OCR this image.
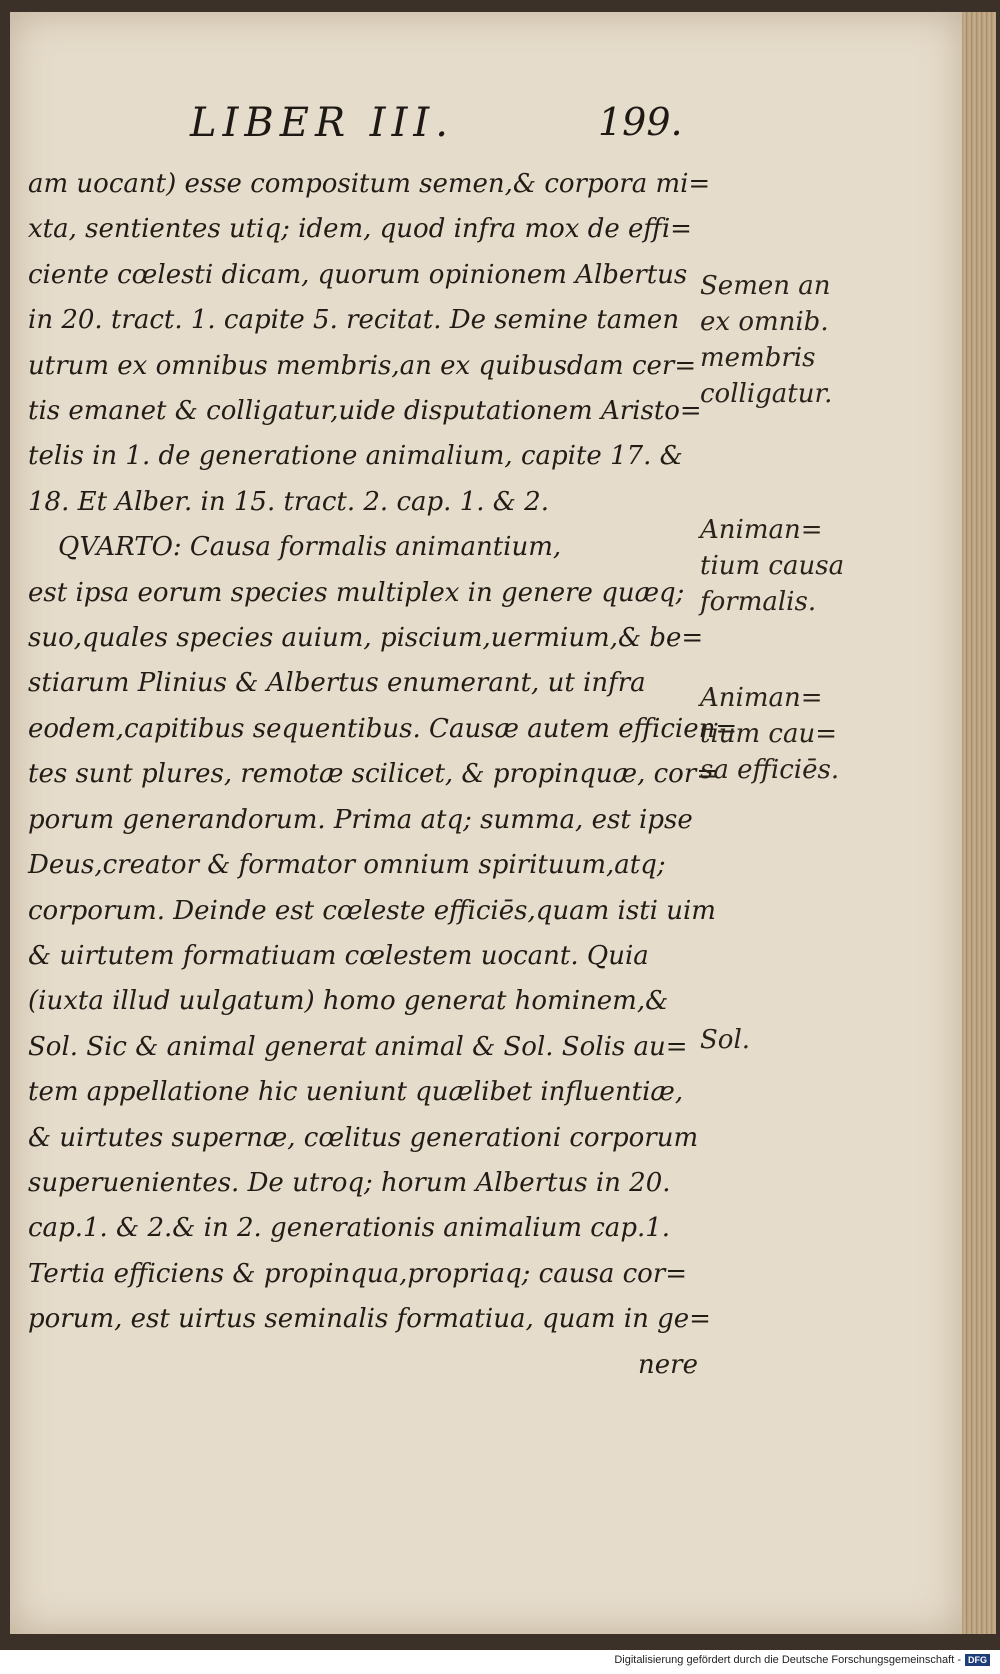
LIBER III.	199.
am uocant) esse compositum semen,& corpora mi=
xta, sentientes utiq; idem, quod infra mox de effi=
ciente cœlesti dicam, quorum opinionem Albertus
in 20. tract. 1. capite 5. recitat. De semine tamen
utrum ex omnibus membris,an ex quibusdam cer=
tis emanet & colligatur,uide disputationem Aristo=
telis in 1. de generatione animalium, capite 17. &
18. Et Alber. in 15. tract. 2. cap. 1. & 2.
QVARTO: Causa formalis animantium,
est ipsa eorum species multiplex in genere quæq;
suo,quales species auium, piscium,uermium,& be=
stiarum Plinius & Albertus enumerant, ut infra
eodem,capitibus sequentibus. Causæ autem efficien=
tes sunt plures, remotæ scilicet, & propinquæ, cor=
porum generandorum. Prima atq; summa, est ipse
Deus,creator & formator omnium spirituum,atq;
corporum. Deinde est cœleste efficiēs,quam isti uim
& uirtutem formatiuam cœlestem uocant. Quia
(iuxta illud uulgatum) homo generat hominem,&
Sol. Sic & animal generat animal & Sol. Solis au=
tem appellatione hic ueniunt quælibet influentiæ,
& uirtutes supernæ, cœlitus generationi corporum
superuenientes. De utroq; horum Albertus in 20.
cap.1. & 2.& in 2. generationis animalium cap.1.
Tertia efficiens & propinqua,propriaq; causa cor=
porum, est uirtus seminalis formatiua, quam in ge=
nere
Semen an
ex omnib.
membris
colligatur.
Animan=
tium causa
formalis.
Animan=
tium cau=
sa efficiēs.
Sol.
Digitalisierung gefördert durch die Deutsche Forschungsgemeinschaft - DFG
